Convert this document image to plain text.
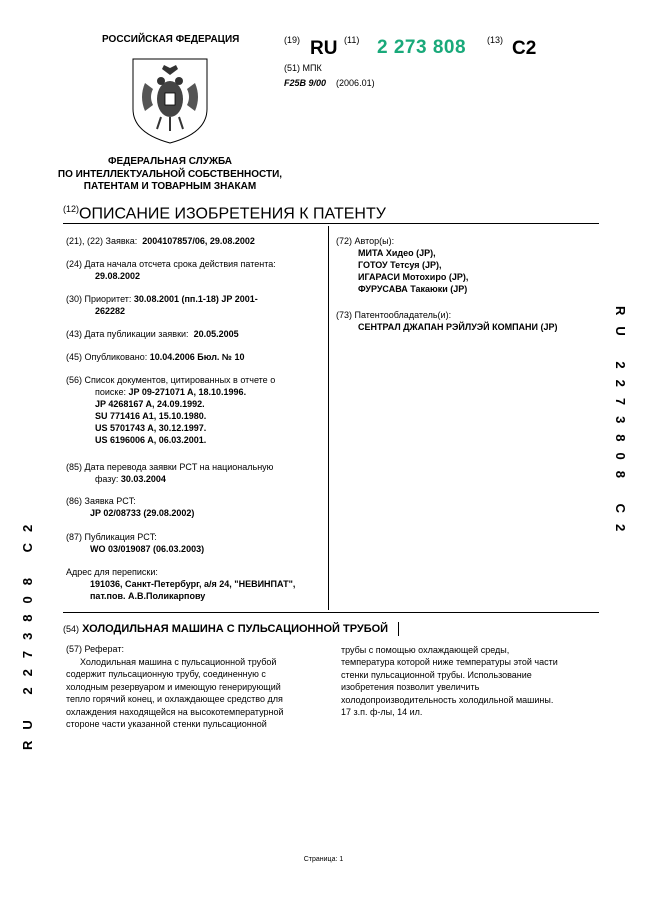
РОССИЙСКАЯ ФЕДЕРАЦИЯ	(19) RU (11) 2 273 808 (13) C2
(51) МПК
F25B 9/00 (2006.01)
ФЕДЕРАЛЬНАЯ СЛУЖБА
ПО ИНТЕЛЛЕКТУАЛЬНОЙ СОБСТВЕННОСТИ,
ПАТЕНТАМ И ТОВАРНЫМ ЗНАКАМ
$^{(12)}$ОПИСАНИЕ ИЗОБРЕТЕНИЯ К ПАТЕНТУ
(21), (22) Заявка: 2004107857/06, 29.08.2002
(24) Дата начала отсчета срока действия патента:
29.08.2002
(30) Приоритет: 30.08.2001 (пп.1-18) JP 2001-
262282
(43) Дата публикации заявки: 20.05.2005
(45) Опубликовано: 10.04.2006 Бюл. № 10
(56) Список документов, цитированных в отчете о
поиске: JP 09-271071 A, 18.10.1996.
JP 4268167 A, 24.09.1992.
SU 771416 A1, 15.10.1980.
US 5701743 A, 30.12.1997.
US 6196006 A, 06.03.2001.
(85) Дата перевода заявки PCT на национальную
фазу: 30.03.2004
(86) Заявка PCT:
JP 02/08733 (29.08.2002)
(87) Публикация PCT:
WO 03/019087 (06.03.2003)
Адрес для переписки:
191036, Санкт-Петербург, а/я 24, "НЕВИНПАТ",
пат.пов. А.В.Поликарпову
(72) Автор(ы):
МИТА Хидео (JP),
ГОТОУ Тетсуя (JP),
ИГАРАСИ Мотохиро (JP),
ФУРУСАВА Такаюки (JP)
(73) Патентообладатель(и):
СЕНТРАЛ ДЖАПАН РЭЙЛУЭЙ КОМПАНИ (JP)
RU 2273808 C2
RU 2273808 C2
(54) ХОЛОДИЛЬНАЯ МАШИНА С ПУЛЬСАЦИОННОЙ ТРУБОЙ
(57) Реферат:
Холодильная машина с пульсационной трубой
содержит пульсационную трубу, соединенную с
холодным резервуаром и имеющую генерирующий
тепло горячий конец, и охлаждающее средство для
охлаждения находящейся на высокотемпературной
стороне части указанной стенки пульсационной
трубы с помощью охлаждающей среды,
температура которой ниже температуры этой части
стенки пульсационной трубы. Использование
изобретения позволит увеличить
холодопроизводительность холодильной машины.
17 з.п. ф-лы, 14 ил.
Страница: 1
